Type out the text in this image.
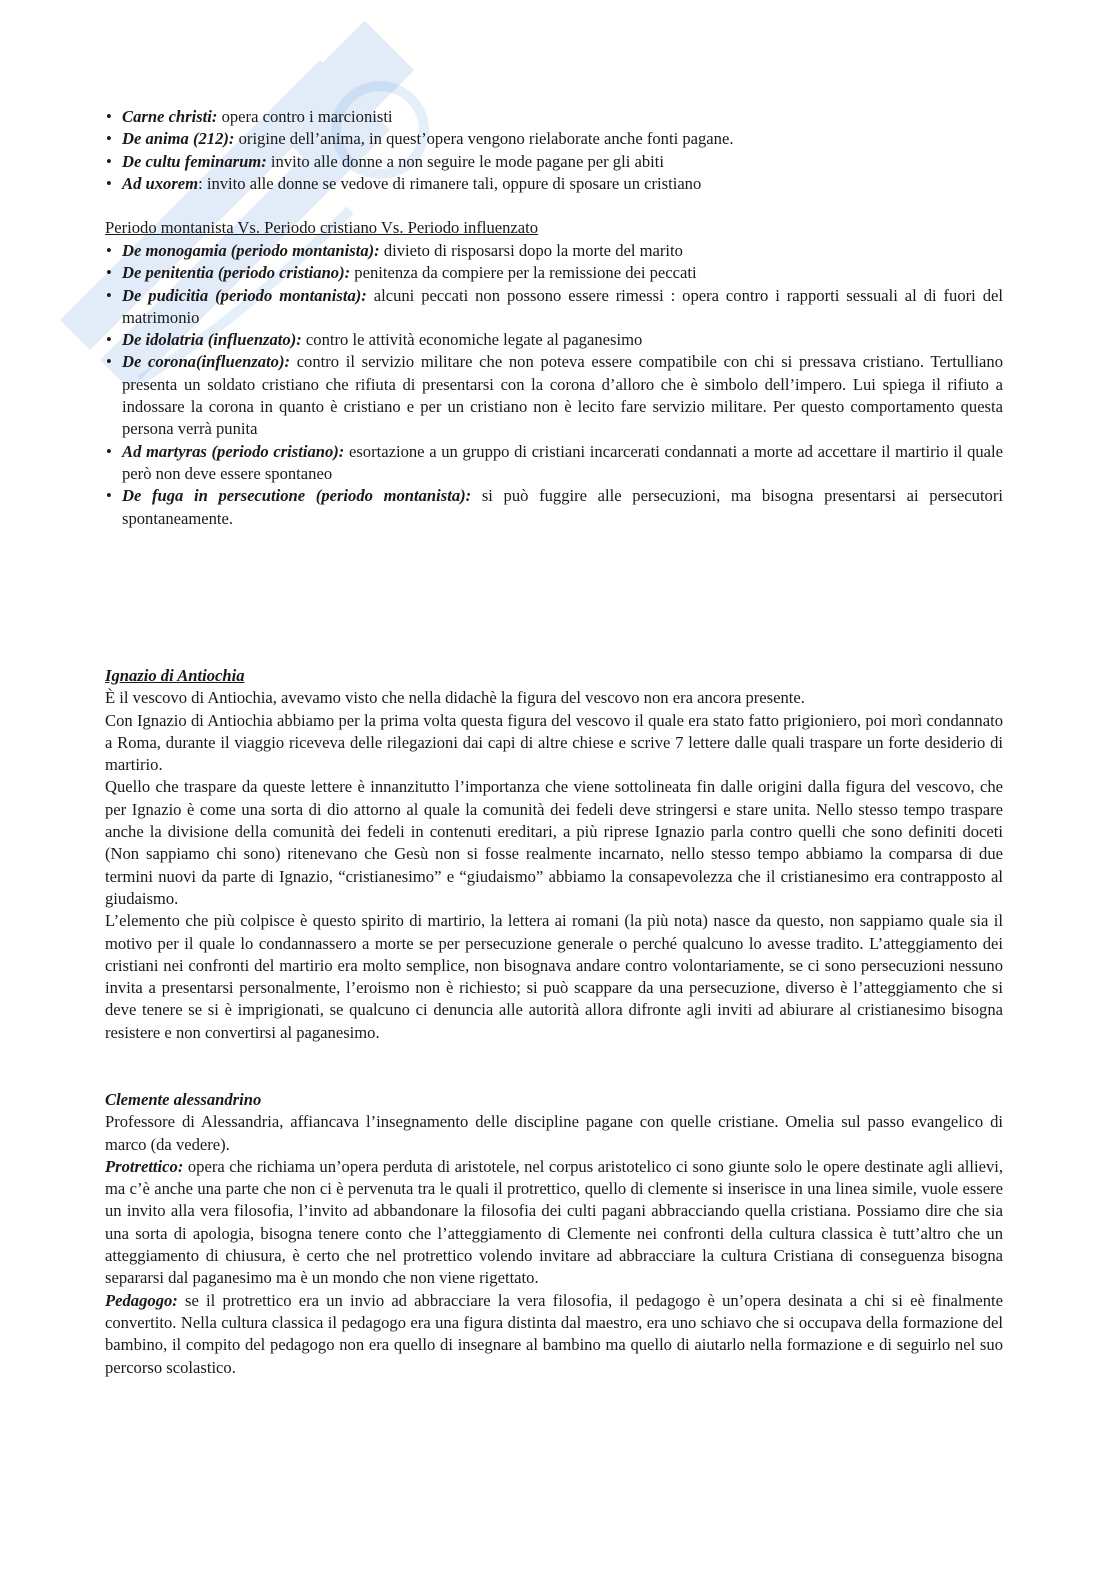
• Carne christi: opera contro i marcionisti
• De anima (212): origine dell’anima, in quest’opera vengono rielaborate anche fonti pagane.
• De cultu feminarum: invito alle donne a non seguire le mode pagane per gli abiti
• Ad uxorem: invito alle donne se vedove di rimanere tali, oppure di sposare un cristiano
Periodo montanista Vs. Periodo cristiano Vs. Periodo influenzato
• De monogamia (periodo montanista): divieto di risposarsi dopo la morte del marito
• De penitentia (periodo cristiano): penitenza da compiere per la remissione dei peccati
• De pudicitia (periodo montanista): alcuni peccati non possono essere rimessi : opera contro i rapporti sessuali al di fuori del matrimonio
• De idolatria (influenzato): contro le attività economiche legate al paganesimo
• De corona(influenzato): contro il servizio militare che non poteva essere compatibile con chi si pressava cristiano. Tertulliano presenta un soldato cristiano che rifiuta di presentarsi con la corona d’alloro che è simbolo dell’impero. Lui spiega il rifiuto a indossare la corona in quanto è cristiano e per un cristiano non è lecito fare servizio militare. Per questo comportamento questa persona verrà punita
• Ad martyras (periodo cristiano): esortazione a un gruppo di cristiani incarcerati condannati a morte ad accettare il martirio il quale però non deve essere spontaneo
• De fuga in persecutione (periodo montanista): si può fuggire alle persecuzioni, ma bisogna presentarsi ai persecutori spontaneamente.

Ignazio di Antiochia

È il vescovo di Antiochia, avevamo visto che nella didachè la figura del vescovo non era ancora presente.

Con Ignazio di Antiochia abbiamo per la prima volta questa figura del vescovo il quale era stato fatto prigioniero, poi morì condannato a Roma, durante il viaggio riceveva delle rilegazioni dai capi di altre chiese e scrive 7 lettere dalle quali traspare un forte desiderio di martirio.

Quello che traspare da queste lettere è innanzitutto l’importanza che viene sottolineata fin dalle origini dalla figura del vescovo, che per Ignazio è come una sorta di dio attorno al quale la comunità dei fedeli deve stringersi e stare unita. Nello stesso tempo traspare anche la divisione della comunità dei fedeli in contenuti ereditari, a più riprese Ignazio parla contro quelli che sono definiti doceti (Non sappiamo chi sono) ritenevano che Gesù non si fosse realmente incarnato, nello stesso tempo abbiamo la comparsa di due termini nuovi da parte di Ignazio, “cristianesimo” e “giudaismo” abbiamo la consapevolezza che il cristianesimo era contrapposto al giudaismo.

L’elemento che più colpisce è questo spirito di martirio, la lettera ai romani (la più nota) nasce da questo, non sappiamo quale sia il motivo per il quale lo condannassero a morte se per persecuzione generale o perché qualcuno lo avesse tradito. L’atteggiamento dei cristiani nei confronti del martirio era molto semplice, non bisognava andare contro volontariamente, se ci sono persecuzioni nessuno invita a presentarsi personalmente, l’eroismo non è richiesto; si può scappare da una persecuzione, diverso è l’atteggiamento che si deve tenere se si è imprigionati, se qualcuno ci denuncia alle autorità allora difronte agli inviti ad abiurare al cristianesimo bisogna resistere e non convertirsi al paganesimo.

Clemente alessandrino

Professore di Alessandria, affiancava l’insegnamento delle discipline pagane con quelle cristiane. Omelia sul passo evangelico di marco (da vedere).

Protrettico: opera che richiama un’opera perduta di aristotele, nel corpus aristotelico ci sono giunte solo le opere destinate agli allievi, ma c’è anche una parte che non ci è pervenuta tra le quali il protrettico, quello di clemente si inserisce in una linea simile, vuole essere un invito alla vera filosofia, l’invito ad abbandonare la filosofia dei culti pagani abbracciando quella cristiana. Possiamo dire che sia una sorta di apologia, bisogna tenere conto che l’atteggiamento di Clemente nei confronti della cultura classica è tutt’altro che un atteggiamento di chiusura, è certo che nel protrettico volendo invitare ad abbracciare la cultura Cristiana di conseguenza bisogna separarsi dal paganesimo ma è un mondo che non viene rigettato.

Pedagogo: se il protrettico era un invio ad abbracciare la vera filosofia, il pedagogo è un’opera desinata a chi si eè finalmente convertito. Nella cultura classica il pedagogo era una figura distinta dal maestro, era uno schiavo che si occupava della formazione del bambino, il compito del pedagogo non era quello di insegnare al bambino ma quello di aiutarlo nella formazione e di seguirlo nel suo percorso scolastico.
